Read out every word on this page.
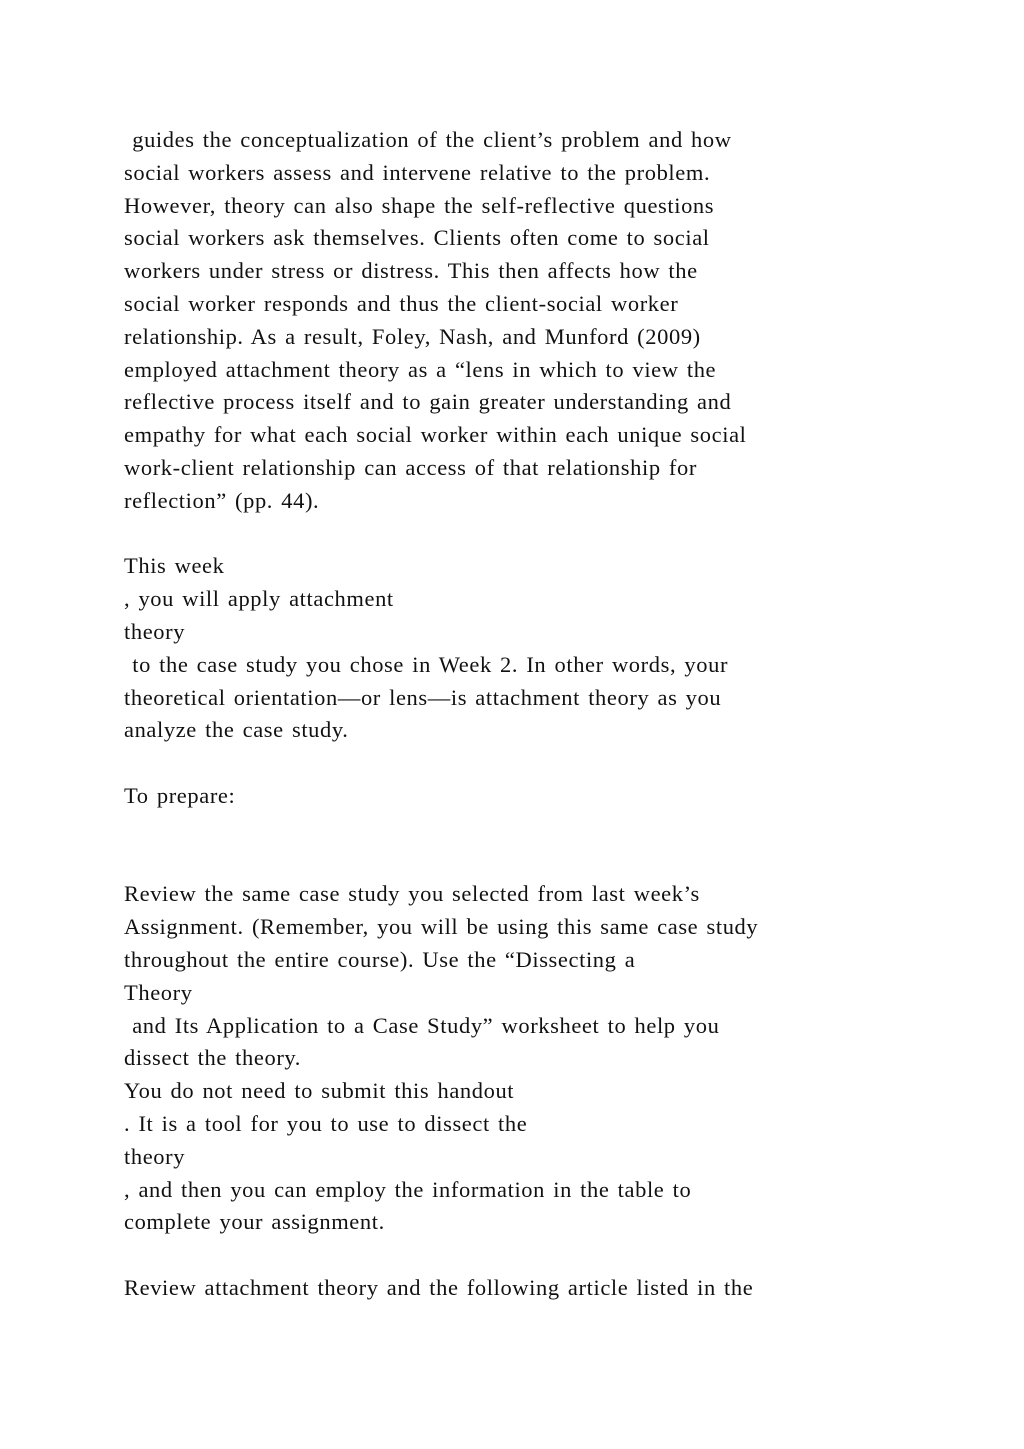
guides the conceptualization of the client’s problem and how
social workers assess and intervene relative to the problem.
However, theory can also shape the self-reflective questions
social workers ask themselves. Clients often come to social
workers under stress or distress. This then affects how the
social worker responds and thus the client-social worker
relationship. As a result, Foley, Nash, and Munford (2009)
employed attachment theory as a “lens in which to view the
reflective process itself and to gain greater understanding and
empathy for what each social worker within each unique social
work-client relationship can access of that relationship for
reflection” (pp. 44).
This week
, you will apply attachment
theory
to the case study you chose in Week 2. In other words, your
theoretical orientation—or lens—is attachment theory as you
analyze the case study.
To prepare:
Review the same case study you selected from last week’s
Assignment. (Remember, you will be using this same case study
throughout the entire course). Use the “Dissecting a
Theory
and Its Application to a Case Study” worksheet to help you
dissect the theory.
You do not need to submit this handout
. It is a tool for you to use to dissect the
theory
, and then you can employ the information in the table to
complete your assignment.
Review attachment theory and the following article listed in the
